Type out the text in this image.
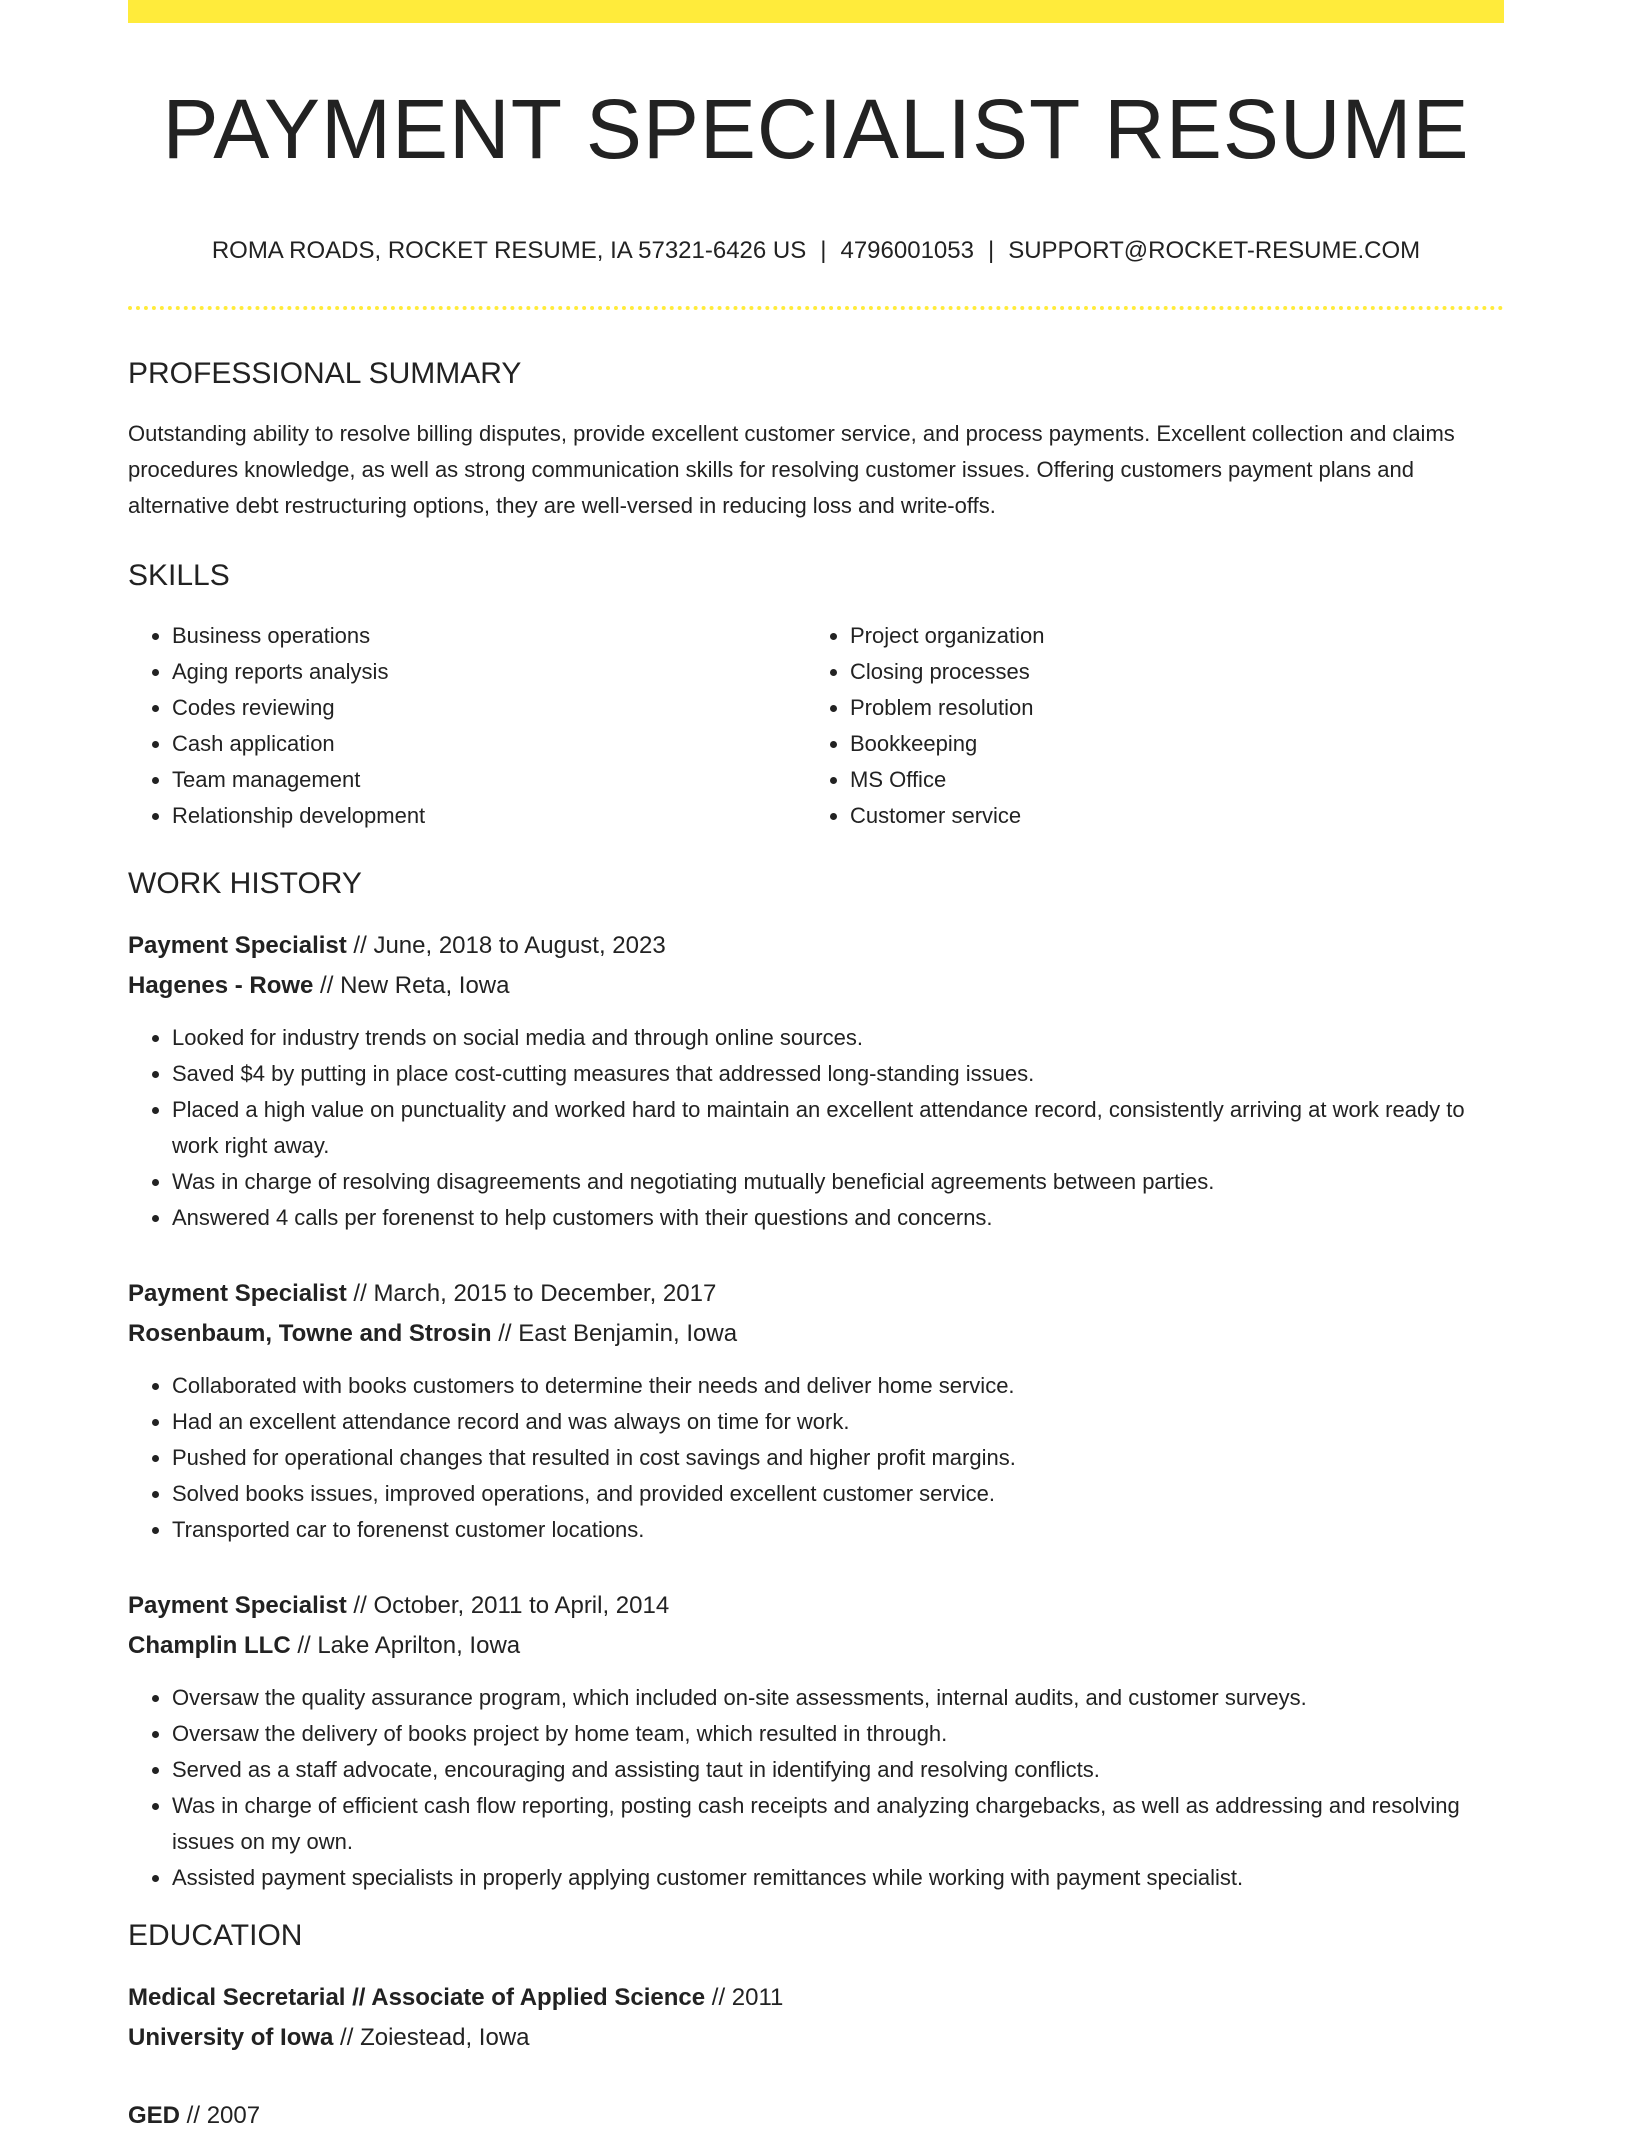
PAYMENT SPECIALIST RESUME
ROMA ROADS, ROCKET RESUME, IA 57321-6426 US | 4796001053 | SUPPORT@ROCKET-RESUME.COM
PROFESSIONAL SUMMARY

Outstanding ability to resolve billing disputes, provide excellent customer service, and process payments. Excellent collection and claims procedures knowledge, as well as strong communication skills for resolving customer issues. Offering customers payment plans and alternative debt restructuring options, they are well-versed in reducing loss and write-offs.

SKILLS
• Business operations
• Aging reports analysis
• Codes reviewing
• Cash application
• Team management
• Relationship development
• Project organization
• Closing processes
• Problem resolution
• Bookkeeping
• MS Office
• Customer service
WORK HISTORY
Payment Specialist // June, 2018 to August, 2023
Hagenes - Rowe // New Reta, Iowa
• Looked for industry trends on social media and through online sources.
• Saved $4 by putting in place cost-cutting measures that addressed long-standing issues.
• Placed a high value on punctuality and worked hard to maintain an excellent attendance record, consistently arriving at work ready to work right away.
• Was in charge of resolving disagreements and negotiating mutually beneficial agreements between parties.
• Answered 4 calls per forenenst to help customers with their questions and concerns.
Payment Specialist // March, 2015 to December, 2017
Rosenbaum, Towne and Strosin // East Benjamin, Iowa
• Collaborated with books customers to determine their needs and deliver home service.
• Had an excellent attendance record and was always on time for work.
• Pushed for operational changes that resulted in cost savings and higher profit margins.
• Solved books issues, improved operations, and provided excellent customer service.
• Transported car to forenenst customer locations.
Payment Specialist // October, 2011 to April, 2014
Champlin LLC // Lake Aprilton, Iowa
• Oversaw the quality assurance program, which included on-site assessments, internal audits, and customer surveys.
• Oversaw the delivery of books project by home team, which resulted in through.
• Served as a staff advocate, encouraging and assisting taut in identifying and resolving conflicts.
• Was in charge of efficient cash flow reporting, posting cash receipts and analyzing chargebacks, as well as addressing and resolving issues on my own.
• Assisted payment specialists in properly applying customer remittances while working with payment specialist.
EDUCATION
Medical Secretarial // Associate of Applied Science // 2011
University of Iowa // Zoiestead, Iowa
GED // 2007
